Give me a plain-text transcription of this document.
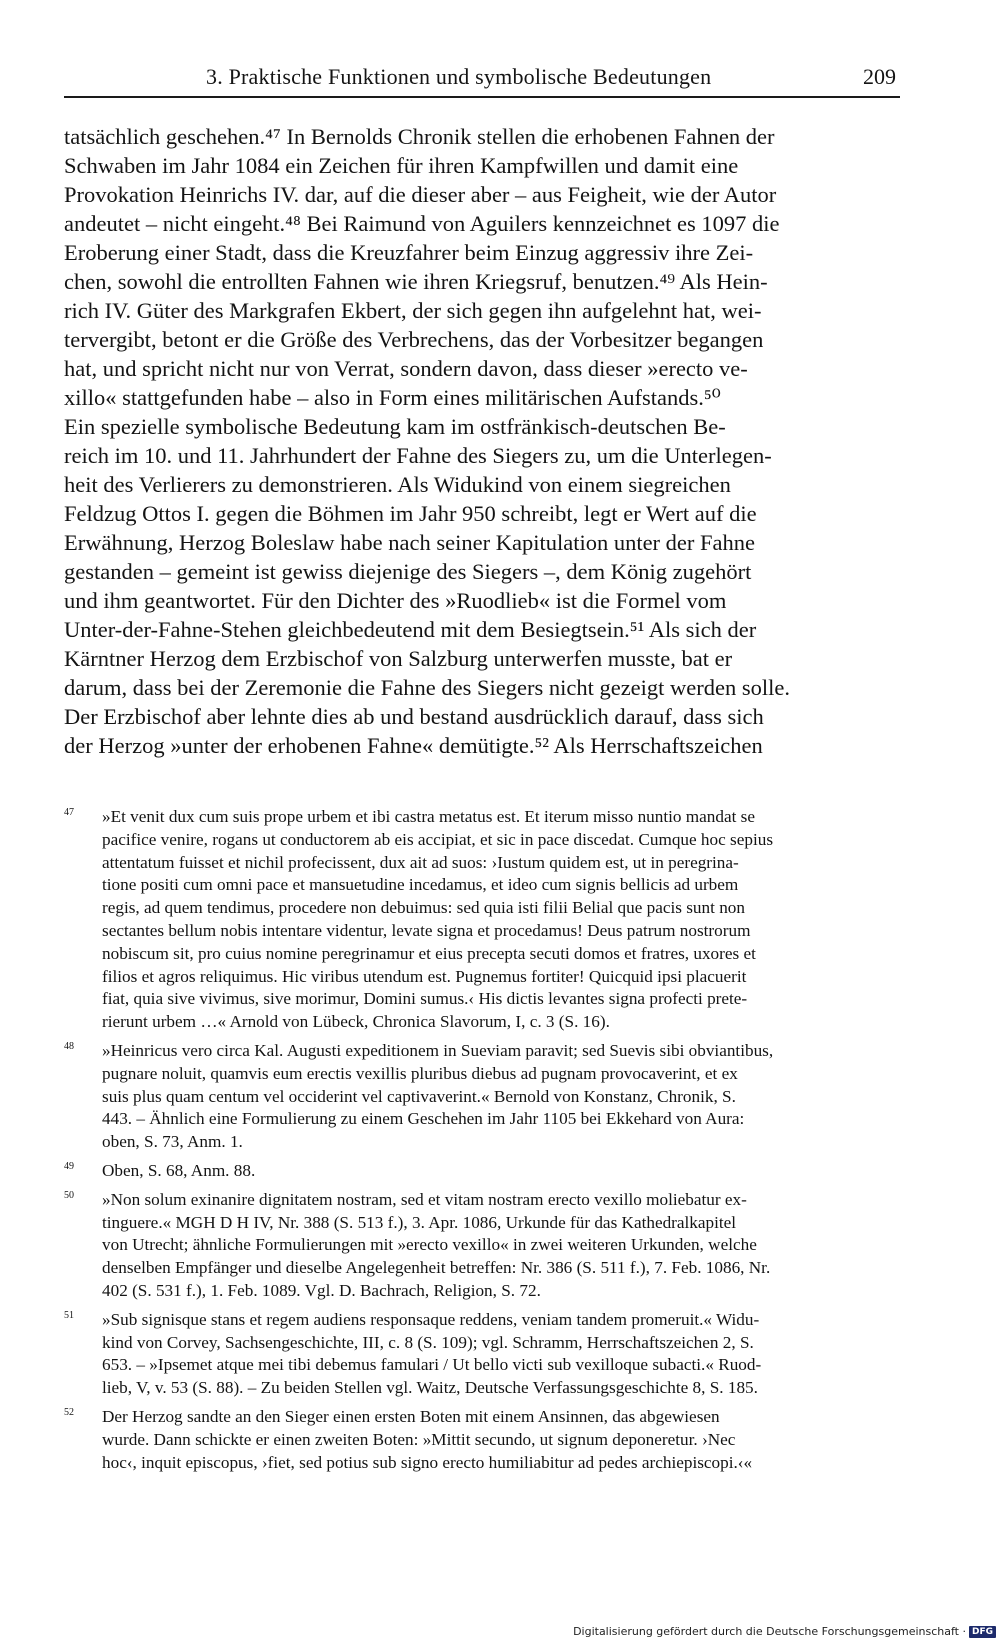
3. Praktische Funktionen und symbolische Bedeutungen	209
tatsächlich geschehen.⁴⁷ In Bernolds Chronik stellen die erhobenen Fahnen der
Schwaben im Jahr 1084 ein Zeichen für ihren Kampfwillen und damit eine
Provokation Heinrichs IV. dar, auf die dieser aber – aus Feigheit, wie der Autor
andeutet – nicht eingeht.⁴⁸ Bei Raimund von Aguilers kennzeichnet es 1097 die
Eroberung einer Stadt, dass die Kreuzfahrer beim Einzug aggressiv ihre Zei-
chen, sowohl die entrollten Fahnen wie ihren Kriegsruf, benutzen.⁴⁹ Als Hein-
rich IV. Güter des Markgrafen Ekbert, der sich gegen ihn aufgelehnt hat, wei-
tervergibt, betont er die Größe des Verbrechens, das der Vorbesitzer begangen
hat, und spricht nicht nur von Verrat, sondern davon, dass dieser »erecto ve-
xillo« stattgefunden habe – also in Form eines militärischen Aufstands.⁵⁰
Ein spezielle symbolische Bedeutung kam im ostfränkisch-deutschen Be-
reich im 10. und 11. Jahrhundert der Fahne des Siegers zu, um die Unterlegen-
heit des Verlierers zu demonstrieren. Als Widukind von einem siegreichen
Feldzug Ottos I. gegen die Böhmen im Jahr 950 schreibt, legt er Wert auf die
Erwähnung, Herzog Boleslaw habe nach seiner Kapitulation unter der Fahne
gestanden – gemeint ist gewiss diejenige des Siegers –, dem König zugehört
und ihm geantwortet. Für den Dichter des »Ruodlieb« ist die Formel vom
Unter-der-Fahne-Stehen gleichbedeutend mit dem Besiegtsein.⁵¹ Als sich der
Kärntner Herzog dem Erzbischof von Salzburg unterwerfen musste, bat er
darum, dass bei der Zeremonie die Fahne des Siegers nicht gezeigt werden solle.
Der Erzbischof aber lehnte dies ab und bestand ausdrücklich darauf, dass sich
der Herzog »unter der erhobenen Fahne« demütigte.⁵² Als Herrschaftszeichen
47	»Et venit dux cum suis prope urbem et ibi castra metatus est. Et iterum misso nuntio mandat se
pacifice venire, rogans ut conductorem ab eis accipiat, et sic in pace discedat. Cumque hoc sepius
attentatum fuisset et nichil profecissent, dux ait ad suos: ›Iustum quidem est, ut in peregrina-
tione positi cum omni pace et mansuetudine incedamus, et ideo cum signis bellicis ad urbem
regis, ad quem tendimus, procedere non debuimus: sed quia isti filii Belial que pacis sunt non
sectantes bellum nobis intentare videntur, levate signa et procedamus! Deus patrum nostrorum
nobiscum sit, pro cuius nomine peregrinamur et eius precepta secuti domos et fratres, uxores et
filios et agros reliquimus. Hic viribus utendum est. Pugnemus fortiter! Quicquid ipsi placuerit
fiat, quia sive vivimus, sive morimur, Domini sumus.‹ His dictis levantes signa profecti prete-
rierunt urbem …« Arnold von Lübeck, Chronica Slavorum, I, c. 3 (S. 16).
48	»Heinricus vero circa Kal. Augusti expeditionem in Sueviam paravit; sed Suevis sibi obviantibus,
pugnare noluit, quamvis eum erectis vexillis pluribus diebus ad pugnam provocaverint, et ex
suis plus quam centum vel occiderint vel captivaverint.« Bernold von Konstanz, Chronik, S.
443. – Ähnlich eine Formulierung zu einem Geschehen im Jahr 1105 bei Ekkehard von Aura:
oben, S. 73, Anm. 1.
49	Oben, S. 68, Anm. 88.
50	»Non solum exinanire dignitatem nostram, sed et vitam nostram erecto vexillo moliebatur ex-
tinguere.« MGH D H IV, Nr. 388 (S. 513 f.), 3. Apr. 1086, Urkunde für das Kathedralkapitel
von Utrecht; ähnliche Formulierungen mit »erecto vexillo« in zwei weiteren Urkunden, welche
denselben Empfänger und dieselbe Angelegenheit betreffen: Nr. 386 (S. 511 f.), 7. Feb. 1086, Nr.
402 (S. 531 f.), 1. Feb. 1089. Vgl. D. Bachrach, Religion, S. 72.
51	»Sub signisque stans et regem audiens responsaque reddens, veniam tandem promeruit.« Widu-
kind von Corvey, Sachsengeschichte, III, c. 8 (S. 109); vgl. Schramm, Herrschaftszeichen 2, S.
653. – »Ipsemet atque mei tibi debemus famulari / Ut bello victi sub vexilloque subacti.« Ruod-
lieb, V, v. 53 (S. 88). – Zu beiden Stellen vgl. Waitz, Deutsche Verfassungsgeschichte 8, S. 185.
52	Der Herzog sandte an den Sieger einen ersten Boten mit einem Ansinnen, das abgewiesen
wurde. Dann schickte er einen zweiten Boten: »Mittit secundo, ut signum deponeretur. ›Nec
hoc‹, inquit episcopus, ›fiet, sed potius sub signo erecto humiliabitur ad pedes archiepiscopi.‹«
Digitalisierung gefördert durch die Deutsche Forschungsgemeinschaft · DFG
